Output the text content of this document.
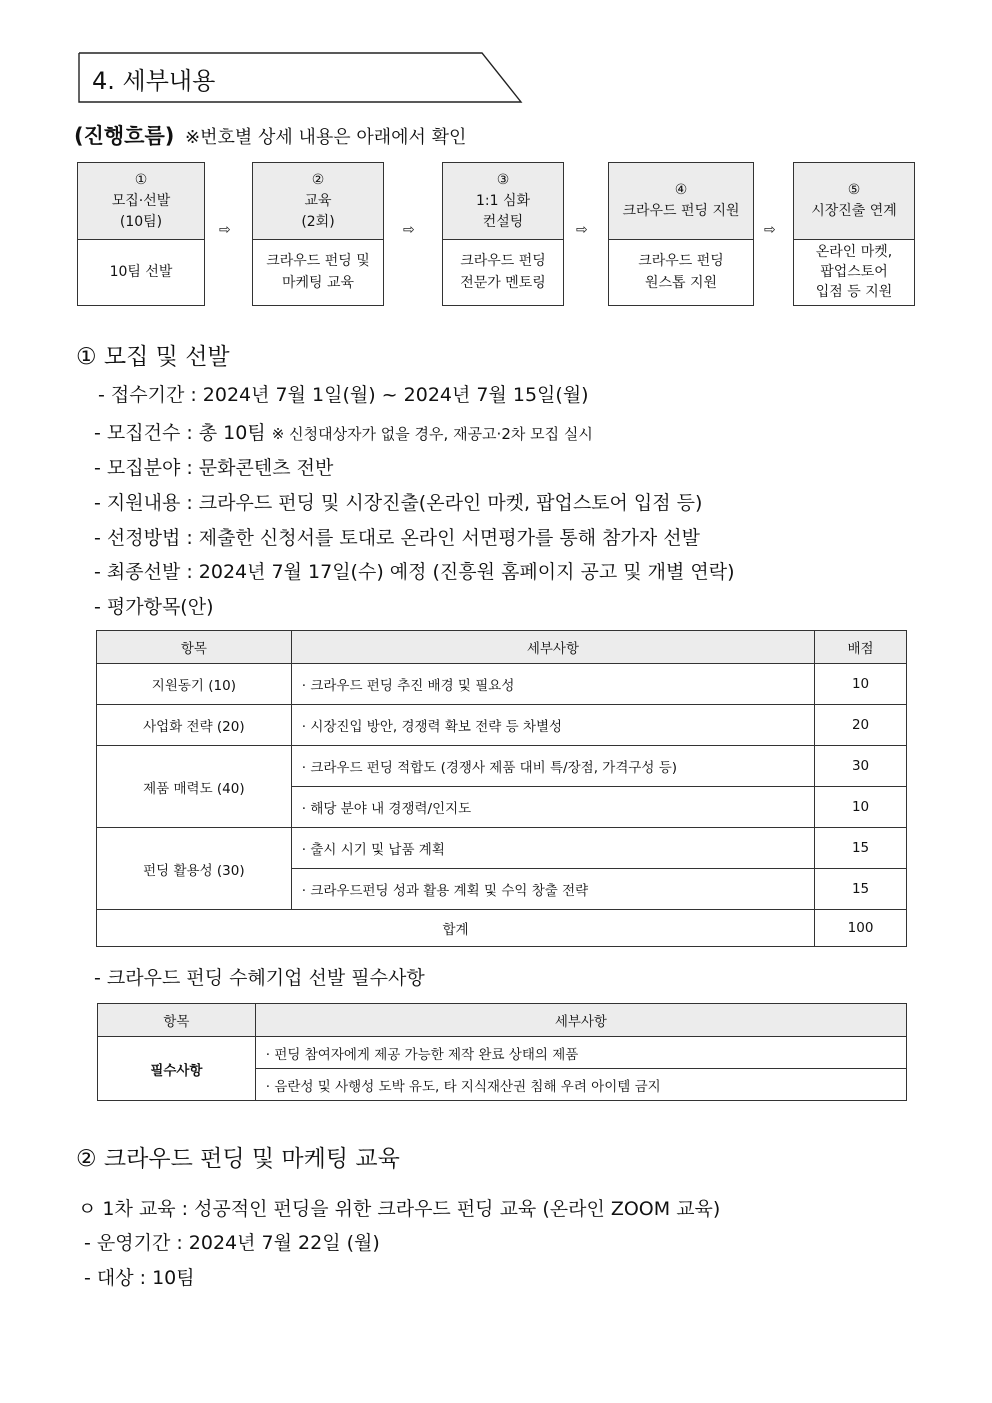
4. 세부내용
(진행흐름) ※번호별 상세 내용은 아래에서 확인
①
모집·선발
(10팀)
10팀 선발
⇨
②
교육
(2회)
크라우드 펀딩 및
마케팅 교육
⇨
③
1:1 심화
컨설팅
크라우드 펀딩
전문가 멘토링
⇨
④
크라우드 펀딩 지원
크라우드 펀딩
원스톱 지원
⇨
⑤
시장진출 연계
온라인 마켓,
팝업스토어
입점 등 지원
① 모집 및 선발
- 접수기간 : 2024년 7월 1일(월) ~ 2024년 7월 15일(월)
- 모집건수 : 총 10팀 ※ 신청대상자가 없을 경우, 재공고·2차 모집 실시
- 모집분야 : 문화콘텐츠 전반
- 지원내용 : 크라우드 펀딩 및 시장진출(온라인 마켓, 팝업스토어 입점 등)
- 선정방법 : 제출한 신청서를 토대로 온라인 서면평가를 통해 참가자 선발
- 최종선발 : 2024년 7월 17일(수) 예정 (진흥원 홈페이지 공고 및 개별 연락)
- 평가항목(안)
항목	세부사항	배점
지원동기 (10)	· 크라우드 펀딩 추진 배경 및 필요성	10
사업화 전략 (20)	· 시장진입 방안, 경쟁력 확보 전략 등 차별성	20
제품 매력도 (40)	· 크라우드 펀딩 적합도 (경쟁사 제품 대비 특/장점, 가격구성 등)	30
	· 해당 분야 내 경쟁력/인지도	10
펀딩 활용성 (30)	· 출시 시기 및 납품 계획	15
	· 크라우드펀딩 성과 활용 계획 및 수익 창출 전략	15
합계		100
- 크라우드 펀딩 수혜기업 선발 필수사항
항목	세부사항
필수사항	· 펀딩 참여자에게 제공 가능한 제작 완료 상태의 제품
	· 음란성 및 사행성 도박 유도, 타 지식재산권 침해 우려 아이템 금지
② 크라우드 펀딩 및 마케팅 교육
ㅇ 1차 교육 : 성공적인 펀딩을 위한 크라우드 펀딩 교육 (온라인 ZOOM 교육)
- 운영기간 : 2024년 7월 22일 (월)
- 대상 : 10팀
